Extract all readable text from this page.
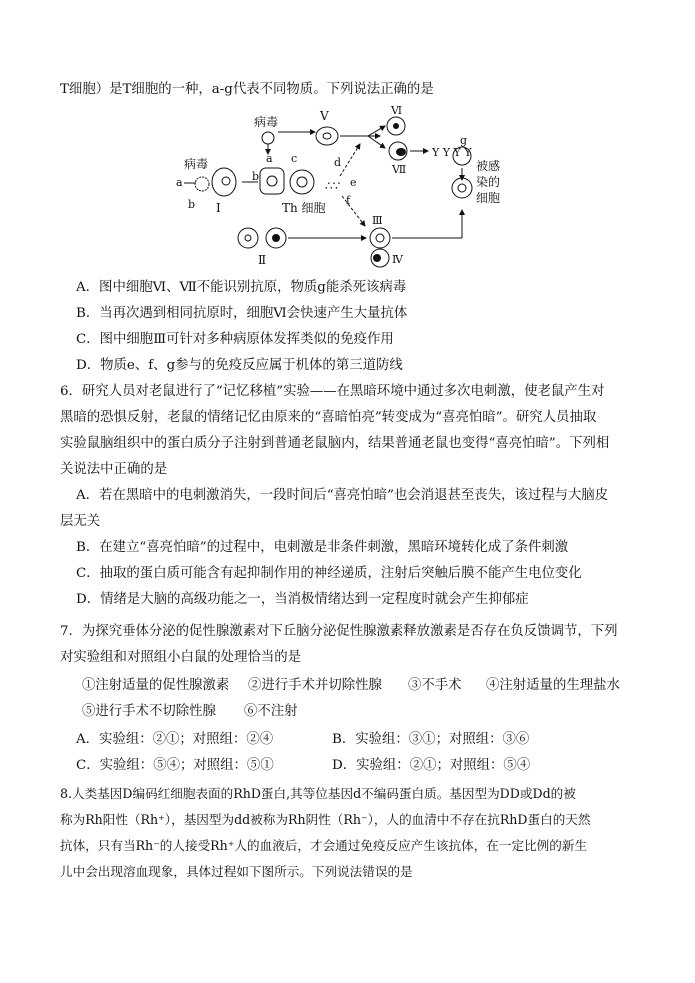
T细胞）是T细胞的一种，a-g代表不同物质。下列说法正确的是
病毒	Ⅴ	Ⅵ
Ⅶ
Y Y Y Y
g
病毒
a
b Ⅰ
a
b
c
Th 细胞
d
e
f
∴∵
Ⅱ
Ⅲ
Ⅳ
被感
染的
细胞
A．图中细胞Ⅵ、Ⅶ不能识别抗原，物质g能杀死该病毒
B．当再次遇到相同抗原时，细胞Ⅵ会快速产生大量抗体
C．图中细胞Ⅲ可针对多种病原体发挥类似的免疫作用
D．物质e、f、g参与的免疫反应属于机体的第三道防线
6．研究人员对老鼠进行了“记忆移植”实验——在黑暗环境中通过多次电刺激，使老鼠产生对
黑暗的恐惧反射，老鼠的情绪记忆由原来的“喜暗怕亮”转变成为“喜亮怕暗”。研究人员抽取
实验鼠脑组织中的蛋白质分子注射到普通老鼠脑内，结果普通老鼠也变得“喜亮怕暗”。下列相
关说法中正确的是
A．若在黑暗中的电刺激消失，一段时间后“喜亮怕暗”也会消退甚至丧失，该过程与大脑皮
层无关
B．在建立“喜亮怕暗”的过程中，电刺激是非条件刺激，黑暗环境转化成了条件刺激
C．抽取的蛋白质可能含有起抑制作用的神经递质，注射后突触后膜不能产生电位变化
D．情绪是大脑的高级功能之一，当消极情绪达到一定程度时就会产生抑郁症
7．为探究垂体分泌的促性腺激素对下丘脑分泌促性腺激素释放激素是否存在负反馈调节，下列
对实验组和对照组小白鼠的处理恰当的是
①注射适量的促性腺激素 ②进行手术并切除性腺 ③不手术 ④注射适量的生理盐水
⑤进行手术不切除性腺 ⑥不注射
A．实验组：②①；对照组：②④	B．实验组：③①；对照组：③⑥
C．实验组：⑤④；对照组：⑤①	D．实验组：②①；对照组：⑤④
8.人类基因D编码红细胞表面的RhD蛋白,其等位基因d不编码蛋白质。基因型为DD或Dd的被
称为Rh阳性（Rh⁺），基因型为dd被称为Rh阴性（Rh⁻），人的血清中不存在抗RhD蛋白的天然
抗体，只有当Rh⁻的人接受Rh⁺人的血液后，才会通过免疫反应产生该抗体，在一定比例的新生
儿中会出现溶血现象，具体过程如下图所示。下列说法错误的是
